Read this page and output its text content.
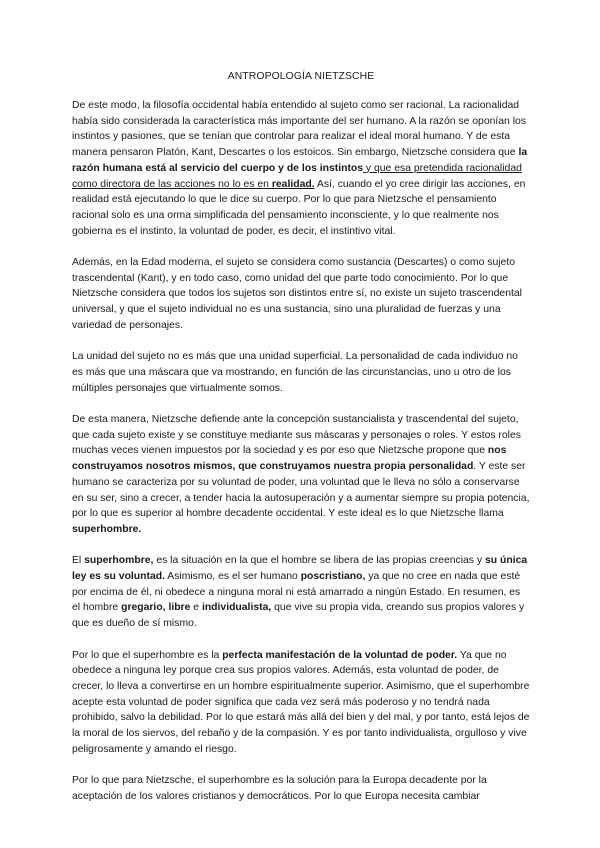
ANTROPOLOGÍA NIETZSCHE

De este modo, la filosofía occidental había entendido al sujeto como ser racional. La racionalidad había sido considerada la característica más importante del ser humano. A la razón se oponían los instintos y pasiones, que se tenían que controlar para realizar el ideal moral humano. Y de esta manera pensaron Platón, Kant, Descartes o los estoicos. Sin embargo, Nietzsche considera que la razón humana está al servicio del cuerpo y de los instintos y que esa pretendida racionalidad como directora de las acciones no lo es en realidad. Así, cuando el yo cree dirigir las acciones, en realidad está ejecutando lo que le dice su cuerpo. Por lo que para Nietzsche el pensamiento racional solo es una orma simplificada del pensamiento inconsciente, y lo que realmente nos gobierna es el instinto, la voluntad de poder, es decir, el instintivo vital.

Además, en la Edad moderna, el sujeto se considera como sustancia (Descartes) o como sujeto trascendental (Kant), y en todo caso, como unidad del que parte todo conocimiento. Por lo que Nietzsche considera que todos los sujetos son distintos entre sí, no existe un sujeto trascendental universal, y que el sujeto individual no es una sustancia, sino una pluralidad de fuerzas y una variedad de personajes.

La unidad del sujeto no es más que una unidad superficial. La personalidad de cada individuo no es más que una máscara que va mostrando, en función de las circunstancias, uno u otro de los múltiples personajes que virtualmente somos.

De esta manera, Nietzsche defiende ante la concepción sustancialista y trascendental del sujeto, que cada sujeto existe y se constituye mediante sus máscaras y personajes o roles. Y estos roles muchas veces vienen impuestos por la sociedad y es por eso que Nietzsche propone que nos construyamos nosotros mismos, que construyamos nuestra propia personalidad. Y este ser humano se caracteriza por su voluntad de poder, una voluntad que le lleva no sólo a conservarse en su ser, sino a crecer, a tender hacia la autosuperación y a aumentar siempre su propia potencia, por lo que es superior al hombre decadente occidental. Y este ideal es lo que Nietzsche llama superhombre.

El superhombre, es la situación en la que el hombre se libera de las propias creencias y su única ley es su voluntad. Asimismo, es el ser humano poscristiano, ya que no cree en nada que esté por encima de él, ni obedece a ninguna moral ni está amarrado a ningún Estado. En resumen, es el hombre gregario, libre e individualista, que vive su propia vida, creando sus propios valores y que es dueño de sí mismo.

Por lo que el superhombre es la perfecta manifestación de la voluntad de poder. Ya que no obedece a ninguna ley porque crea sus propios valores. Además, esta voluntad de poder, de crecer, lo lleva a convertirse en un hombre espiritualmente superior. Asimismo, que el superhombre acepte esta voluntad de poder significa que cada vez será más poderoso y no tendrá nada prohibido, salvo la debilidad. Por lo que estará más allá del bien y del mal, y por tanto, está lejos de la moral de los siervos, del rebaño y de la compasión. Y es por tanto individualista, orgulloso y vive peligrosamente y amando el riesgo.

Por lo que para Nietzsche, el superhombre es la solución para la Europa decadente por la aceptación de los valores cristianos y democráticos. Por lo que Europa necesita cambiar
